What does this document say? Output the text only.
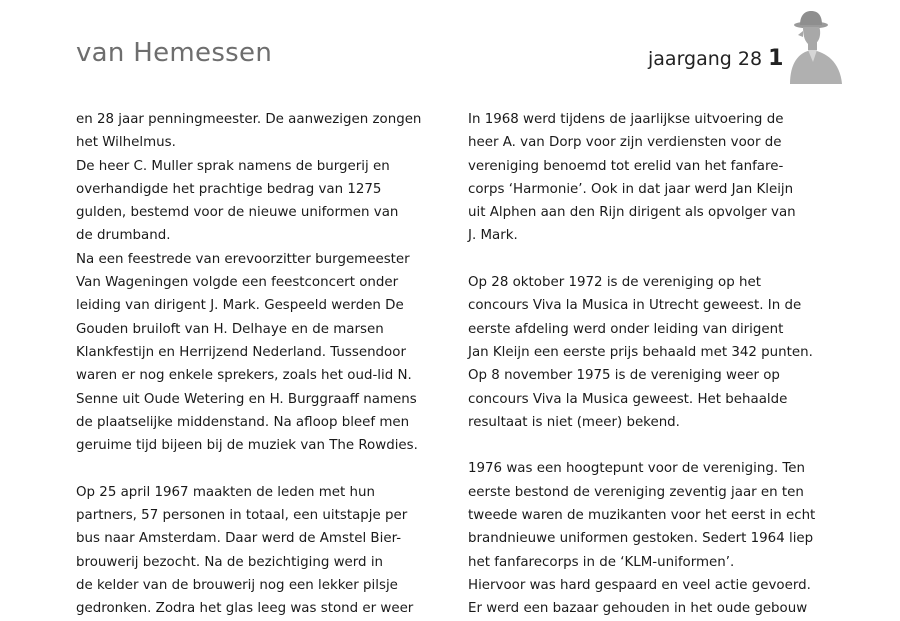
van Hemessen	jaargang 28 1
en 28 jaar penningmeester. De aanwezigen zongen
het Wilhelmus.
De heer C. Muller sprak namens de burgerij en
overhandigde het prachtige bedrag van 1275
gulden, bestemd voor de nieuwe uniformen van
de drumband.
Na een feestrede van erevoorzitter burgemeester
Van Wageningen volgde een feestconcert onder
leiding van dirigent J. Mark. Gespeeld werden De
Gouden bruiloft van H. Delhaye en de marsen
Klankfestijn en Herrijzend Nederland. Tussendoor
waren er nog enkele sprekers, zoals het oud-lid N.
Senne uit Oude Wetering en H. Burggraaff namens
de plaatselijke middenstand. Na afloop bleef men
geruime tijd bijeen bij de muziek van The Rowdies.
Op 25 april 1967 maakten de leden met hun
partners, 57 personen in totaal, een uitstapje per
bus naar Amsterdam. Daar werd de Amstel Bier-
brouwerij bezocht. Na de bezichtiging werd in
de kelder van de brouwerij nog een lekker pilsje
gedronken. Zodra het glas leeg was stond er weer
In 1968 werd tijdens de jaarlijkse uitvoering de
heer A. van Dorp voor zijn verdiensten voor de
vereniging benoemd tot erelid van het fanfare-
corps ‘Harmonie’. Ook in dat jaar werd Jan Kleijn
uit Alphen aan den Rijn dirigent als opvolger van
J. Mark.
Op 28 oktober 1972 is de vereniging op het
concours Viva la Musica in Utrecht geweest. In de
eerste afdeling werd onder leiding van dirigent
Jan Kleijn een eerste prijs behaald met 342 punten.
Op 8 november 1975 is de vereniging weer op
concours Viva la Musica geweest. Het behaalde
resultaat is niet (meer) bekend.
1976 was een hoogtepunt voor de vereniging. Ten
eerste bestond de vereniging zeventig jaar en ten
tweede waren de muzikanten voor het eerst in echt
brandnieuwe uniformen gestoken. Sedert 1964 liep
het fanfarecorps in de ‘KLM-uniformen’.
Hiervoor was hard gespaard en veel actie gevoerd.
Er werd een bazaar gehouden in het oude gebouw
